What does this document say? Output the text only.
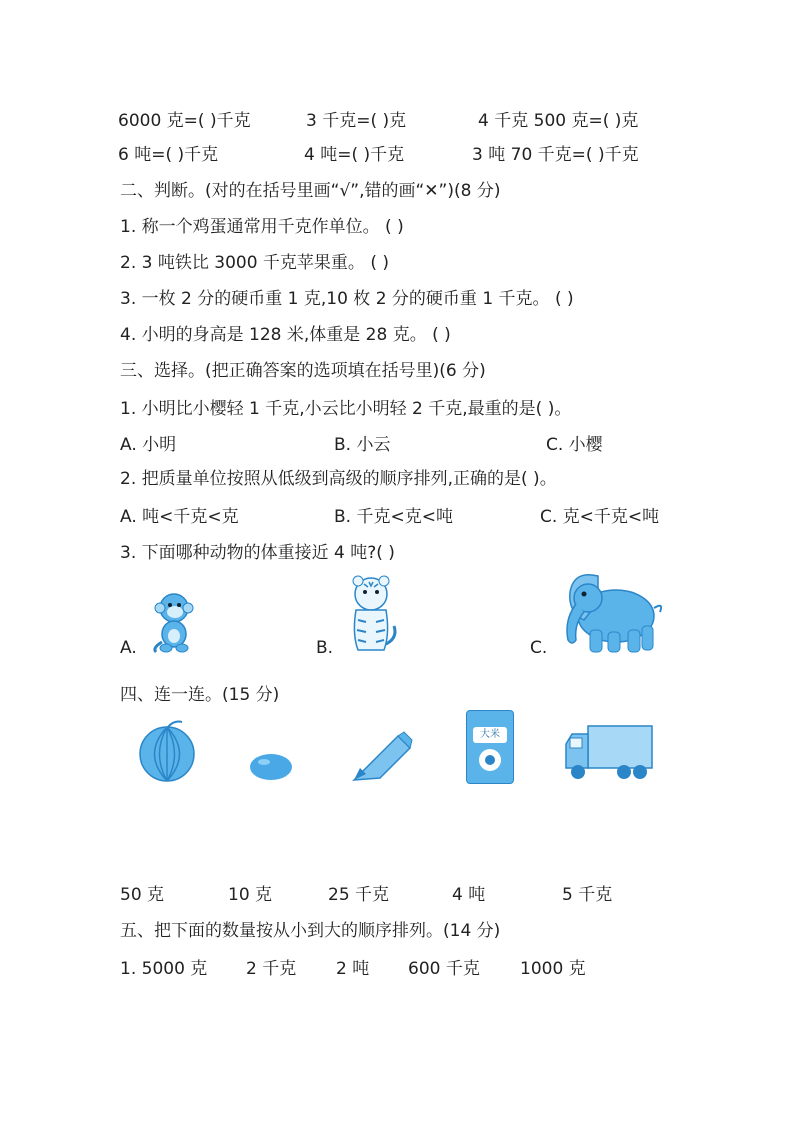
6000 克=( )千克	3 千克=( )克	4 千克 500 克=( )克
6 吨=( )千克	4 吨=( )千克	3 吨 70 千克=( )千克
二、判断。(对的在括号里画“√”,错的画“✕”)(8 分)
1. 称一个鸡蛋通常用千克作单位。 ( )
2. 3 吨铁比 3000 千克苹果重。 ( )
3. 一枚 2 分的硬币重 1 克,10 枚 2 分的硬币重 1 千克。 ( )
4. 小明的身高是 128 米,体重是 28 克。 ( )
三、选择。(把正确答案的选项填在括号里)(6 分)
1. 小明比小樱轻 1 千克,小云比小明轻 2 千克,最重的是( )。
A. 小明	B. 小云	C. 小樱
2. 把质量单位按照从低级到高级的顺序排列,正确的是( )。
A. 吨<千克<克	B. 千克<克<吨	C. 克<千克<吨
3. 下面哪种动物的体重接近 4 吨?( )
A.	B.	C.
四、连一连。(15 分)
大米
50 克	10 克	25 千克	4 吨	5 千克
五、把下面的数量按从小到大的顺序排列。(14 分)
1. 5000 克 2 千克 2 吨 600 千克 1000 克
